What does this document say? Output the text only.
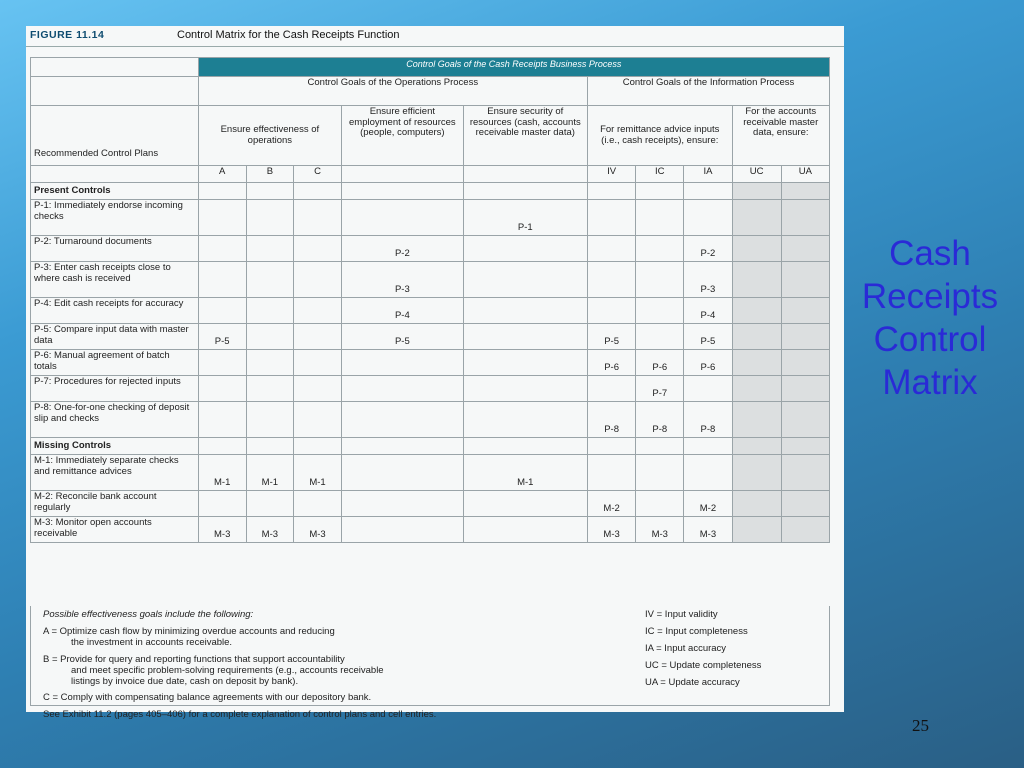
FIGURE 11.14	Control Matrix for the Cash Receipts Function
	Control Goals of the Cash Receipts Business Process									
	Control Goals of the Operations Process					Control Goals of the Information Process				
Recommended Control Plans	Ensure effectiveness of operations			Ensure efficient employment of resources (people, computers)	Ensure security of resources (cash, accounts receivable master data)	For remittance advice inputs (i.e., cash receipts), ensure:			For the accounts receivable master data, ensure:	
	A	B	C			IV	IC	IA	UC	UA
Present Controls										
P-1: Immediately endorse incoming checks					P-1					
P-2: Turnaround documents				P-2				P-2		
P-3: Enter cash receipts close to where cash is received				P-3				P-3		
P-4: Edit cash receipts for accuracy				P-4				P-4		
P-5: Compare input data with master data	P-5			P-5		P-5		P-5		
P-6: Manual agreement of batch totals						P-6	P-6	P-6		
P-7: Procedures for rejected inputs							P-7			
P-8: One-for-one checking of deposit slip and checks						P-8	P-8	P-8		
Missing Controls										
M-1: Immediately separate checks and remittance advices	M-1	M-1	M-1		M-1					
M-2: Reconcile bank account regularly						M-2		M-2		
M-3: Monitor open accounts receivable	M-3	M-3	M-3			M-3	M-3	M-3		
Possible effectiveness goals include the following:
A = Optimize cash flow by minimizing overdue accounts and reducing
the investment in accounts receivable.
B = Provide for query and reporting functions that support accountability
and meet specific problem-solving requirements (e.g., accounts receivable
listings by invoice due date, cash on deposit by bank).
C = Comply with compensating balance agreements with our depository bank.
See Exhibit 11.2 (pages 405–406) for a complete explanation of control plans and cell entries.
IV = Input validity
IC = Input completeness
IA = Input accuracy
UC = Update completeness
UA = Update accuracy
Cash
Receipts
Control
Matrix
25
